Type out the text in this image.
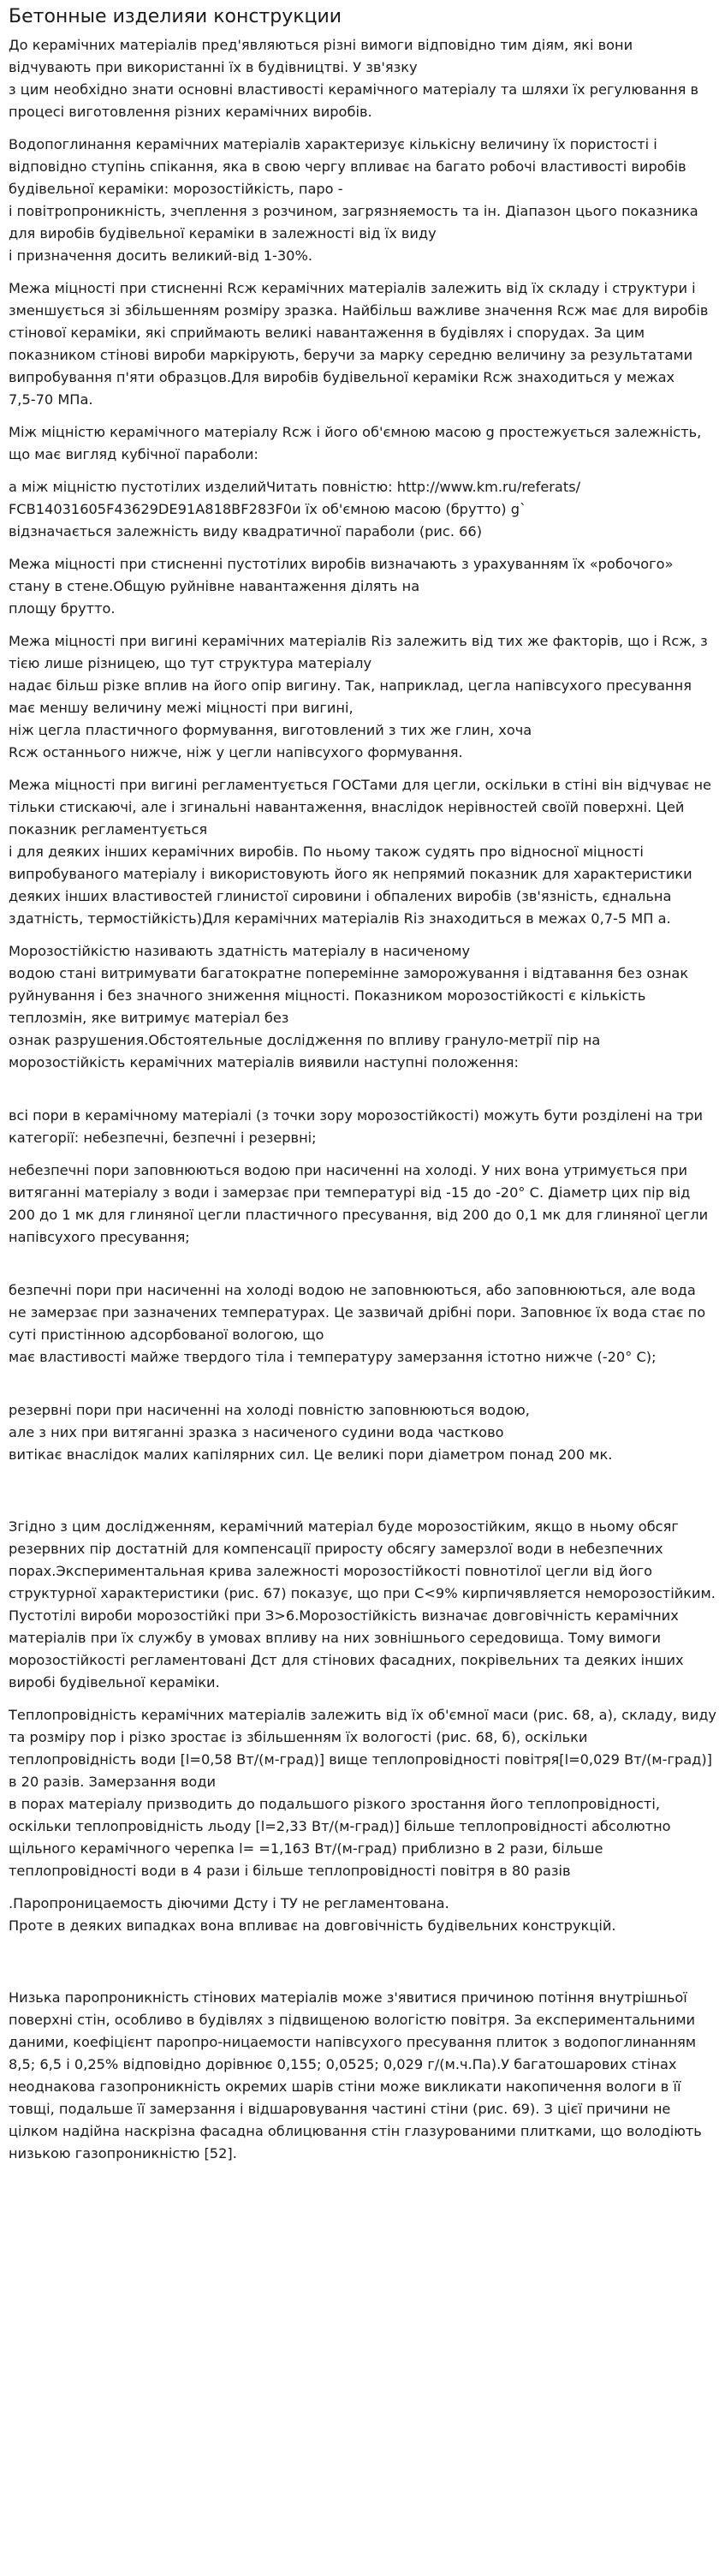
Бетонные изделияи конструкции

До керамічних матеріалів пред'являються різні вимоги відповідно тим діям, які вони відчувають при використанні їх в будівництві. У зв'язку
з цим необхідно знати основні властивості керамічного матеріалу та шляхи їх регулювання в процесі виготовлення різних керамічних виробів.

Водопоглинання керамічних матеріалів характеризує кількісну величину їх пористості і відповідно ступінь спікання, яка в свою чергу впливає на багато робочі властивості виробів будівельної кераміки: морозостійкість, паро -
і повітропроникність, зчеплення з розчином, загрязняемость та ін. Діапазон цього показника для виробів будівельної кераміки в залежності від їх виду
і призначення досить великий-від 1-30%.

Межа міцності при стисненні Rсж керамічних матеріалів залежить від їх складу і структури і зменшується зі збільшенням розміру зразка. Найбільш важливе значення Rсж має для виробів стінової кераміки, які сприймають великі навантаження в будівлях і спорудах. За цим показником стінові вироби маркірують, беручи за марку середню величину за результатами випробування п'яти образцов.Для виробів будівельної кераміки Rсж знаходиться у межах
7,5-70 МПа.

Між міцністю керамічного матеріалу Rсж і його об'ємною масою g простежується залежність, що має вигляд кубічної параболи:

а між міцністю пустотілих изделийЧитать повністю: http://www.km.ru/referats/
FCB14031605F43629DE91A818BF283F0и їх об'ємною масою (брутто) g`
відзначається залежність виду квадратичної параболи (рис. 66)

Межа міцності при стисненні пустотілих виробів визначають з урахуванням їх «робочого» стану в стене.Общую руйнівне навантаження ділять на
площу брутто.

Межа міцності при вигині керамічних матеріалів Rіз залежить від тих же факторів, що і Rсж, з тією лише різницею, що тут структура матеріалу
надає більш різке вплив на його опір вигину. Так, наприклад, цегла напівсухого пресування має меншу величину межі міцності при вигині,
ніж цегла пластичного формування, виготовлений з тих же глин, хоча
Rсж останнього нижче, ніж у цегли напівсухого формування.

Межа міцності при вигині регламентується ГОСТами для цегли, оскільки в стіні він відчуває не тільки стискаючі, але і згинальні навантаження, внаслідок нерівностей своїй поверхні. Цей показник регламентується
і для деяких інших керамічних виробів. По ньому також судять про відносної міцності випробуваного матеріалу і використовують його як непрямий показник для характеристики деяких інших властивостей глинистої сировини і обпалених виробів (зв'язність, єднальна здатність, термостійкість)Для керамічних матеріалів Rіз знаходиться в межах 0,7-5 МП а.

Морозостійкістю називають здатність матеріалу в насиченому
водою стані витримувати багатократне поперемінне заморожування і відтавання без ознак руйнування і без значного зниження міцності. Показником морозостійкості є кількість теплозмін, яке витримує матеріал без
ознак разрушения.Обстоятельные дослідження по впливу грануло-метрії пір на морозостійкість керамічних матеріалів виявили наступні положення:

всі пори в керамічному матеріалі (з точки зору морозостійкості) можуть бути розділені на три категорії: небезпечні, безпечні і резервні;

небезпечні пори заповнюються водою при насиченні на холоді. У них вона утримується при витяганні матеріалу з води і замерзає при температурі від -15 до -20° С. Діаметр цих пір від 200 до 1 мк для глиняної цегли пластичного пресування, від 200 до 0,1 мк для глиняної цегли напівсухого пресування;

безпечні пори при насиченні на холоді водою не заповнюються, або заповнюються, але вода не замерзає при зазначених температурах. Це зазвичай дрібні пори. Заповнює їх вода стає по суті пристінною адсорбованої вологою, що
має властивості майже твердого тіла і температуру замерзання істотно нижче (-20° С);

резервні пори при насиченні на холоді повністю заповнюються водою,
але з них при витяганні зразка з насиченого судини вода частково
витікає внаслідок малих капілярних сил. Це великі пори діаметром понад 200 мк.

Згідно з цим дослідженням, керамічний матеріал буде морозостійким, якщо в ньому обсяг резервних пір достатній для компенсації приросту обсягу замерзлої води в небезпечних порах.Экспериментальная крива залежності морозостійкості повнотілої цегли від його структурної характеристики (рис. 67) показує, що при С<9% кирпичявляется неморозостійким. Пустотілі вироби морозостійкі при З>6.Морозостійкість визначає довговічність керамічних матеріалів при їх службу в умовах впливу на них зовнішнього середовища. Тому вимоги морозостійкості регламентовані Дст для стінових фасадних, покрівельних та деяких інших виробі будівельної кераміки.

Теплопровідність керамічних матеріалів залежить від їх об'ємної маси (рис. 68, а), складу, виду та розміру пор і різко зростає із збільшенням їх вологості (рис. 68, б), оскільки теплопровідність води [l=0,58 Вт/(м-град)] вище теплопровідності повітря[l=0,029 Вт/(м-град)] в 20 разів. Замерзання води
в порах матеріалу призводить до подальшого різкого зростання його теплопровідності, оскільки теплопровідність льоду [l=2,33 Вт/(м-град)] більше теплопровідності абсолютно щільного керамічного черепка l= =1,163 Вт/(м-град) приблизно в 2 рази, більше теплопровідності води в 4 рази і більше теплопровідності повітря в 80 разів

.Паропроницаемость діючими Дсту і ТУ не регламентована.
Проте в деяких випадках вона впливає на довговічність будівельних конструкцій.

Низька паропроникність стінових матеріалів може з'явитися причиною потіння внутрішньої поверхні стін, особливо в будівлях з підвищеною вологістю повітря. За експериментальними даними, коефіцієнт паропро-ницаемости напівсухого пресування плиток з водопоглинанням 8,5; 6,5 і 0,25% відповідно дорівнює 0,155; 0,0525; 0,029 г/(м.ч.Па).У багатошарових стінах неоднакова газопроникність окремих шарів стіни може викликати накопичення вологи в її товщі, подальше її замерзання і відшаровування частині стіни (рис. 69). З цієї причини не цілком надійна наскрізна фасадна облицювання стін глазурованими плитками, що володіють
низькою газопроникністю [52].
